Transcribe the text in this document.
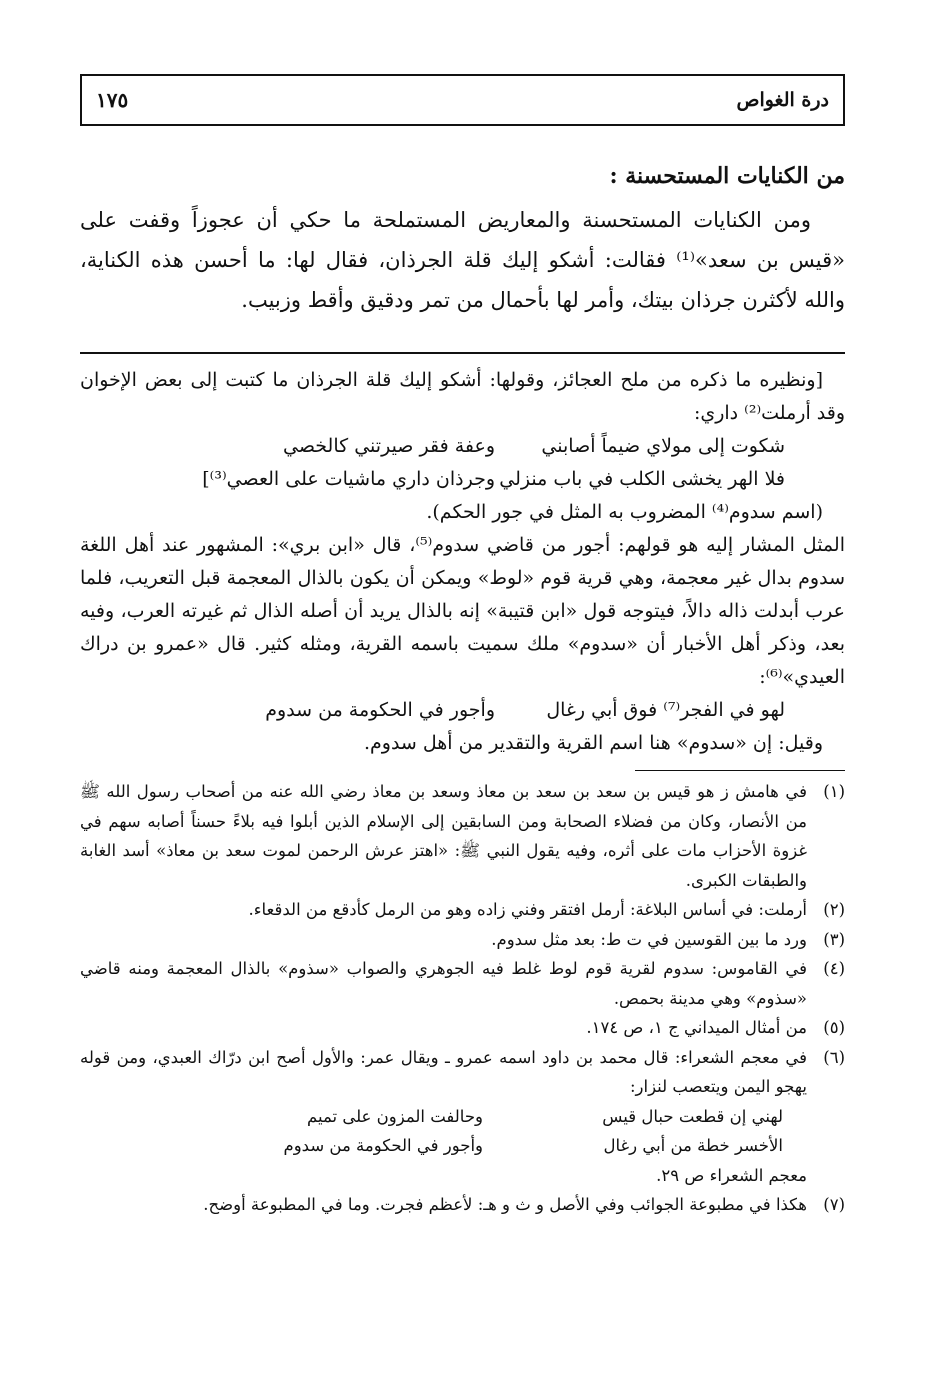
درة الغواص
١٧٥
من الكنايات المستحسنة :

ومن الكنايات المستحسنة والمعاريض المستملحة ما حكي أن عجوزاً وقفت على «قيس بن سعد»⁽¹⁾ فقالت: أشكو إليك قلة الجرذان، فقال لها: ما أحسن هذه الكناية، والله لأكثرن جرذان بيتك، وأمر لها بأحمال من تمر ودقيق وأقط وزبيب.

[ونظيره ما ذكره من ملح العجائز، وقولها: أشكو إليك قلة الجرذان ما كتبت إلى بعض الإخوان وقد أرملت⁽²⁾ داري:

شكوت إلى مولاي ضيماً أصابني
وعفة فقر صيرتني كالخصي
فلا الهر يخشى الكلب في باب منزلي
وجرذان داري ماشيات على العصي⁽³⁾]

(اسم سدوم⁽⁴⁾ المضروب به المثل في جور الحكم).

المثل المشار إليه هو قولهم: أجور من قاضي سدوم⁽⁵⁾، قال «ابن بري»: المشهور عند أهل اللغة سدوم بدال غير معجمة، وهي قرية قوم «لوط» ويمكن أن يكون بالذال المعجمة قبل التعريب، فلما عرب أبدلت ذاله دالاً، فيتوجه قول «ابن قتيبة» إنه بالذال يريد أن أصله الذال ثم غيرته العرب، وفيه بعد، وذكر أهل الأخبار أن «سدوم» ملك سميت باسمه القرية، ومثله كثير. قال «عمرو بن دراك العيدي»⁽⁶⁾:

لهو في الفجر⁽⁷⁾ فوق أبي رغال
وأجور في الحكومة من سدوم

وقيل: إن «سدوم» هنا اسم القرية والتقدير من أهل سدوم.

(١)
في هامش ز هو قيس بن سعد بن سعد بن معاذ وسعد بن معاذ رضي الله عنه من أصحاب رسول الله ﷺ من الأنصار، وكان من فضلاء الصحابة ومن السابقين إلى الإسلام الذين أبلوا فيه بلاءً حسناً أصابه سهم في غزوة الأحزاب مات على أثره، وفيه يقول النبي ﷺ: «اهتز عرش الرحمن لموت سعد بن معاذ» أسد الغابة والطبقات الكبرى.
(٢)
أرملت: في أساس البلاغة: أرمل افتقر وفني زاده وهو من الرمل كأدقع من الدقعاء.
(٣)
ورد ما بين القوسين في ت ط: بعد مثل سدوم.
(٤)
في القاموس: سدوم لقرية قوم لوط غلط فيه الجوهري والصواب «سذوم» بالذال المعجمة ومنه قاضي «سذوم» وهي مدينة بحمص.
(٥)
من أمثال الميداني ج ١، ص ١٧٤.
(٦)
في معجم الشعراء: قال محمد بن داود اسمه عمرو ـ ويقال عمر: والأول أصح ابن درّاك العبدي، ومن قوله يهجو اليمن ويتعصب لنزار:
لهني إن قطعت حبال قيس
وحالفت المزون على تميم
الأخسر خطة من أبي رغال
وأجور في الحكومة من سدوم
معجم الشعراء ص ٢٩.
(٧)
هكذا في مطبوعة الجوائب وفي الأصل و ث و هـ: لأعظم فجرت. وما في المطبوعة أوضح.
